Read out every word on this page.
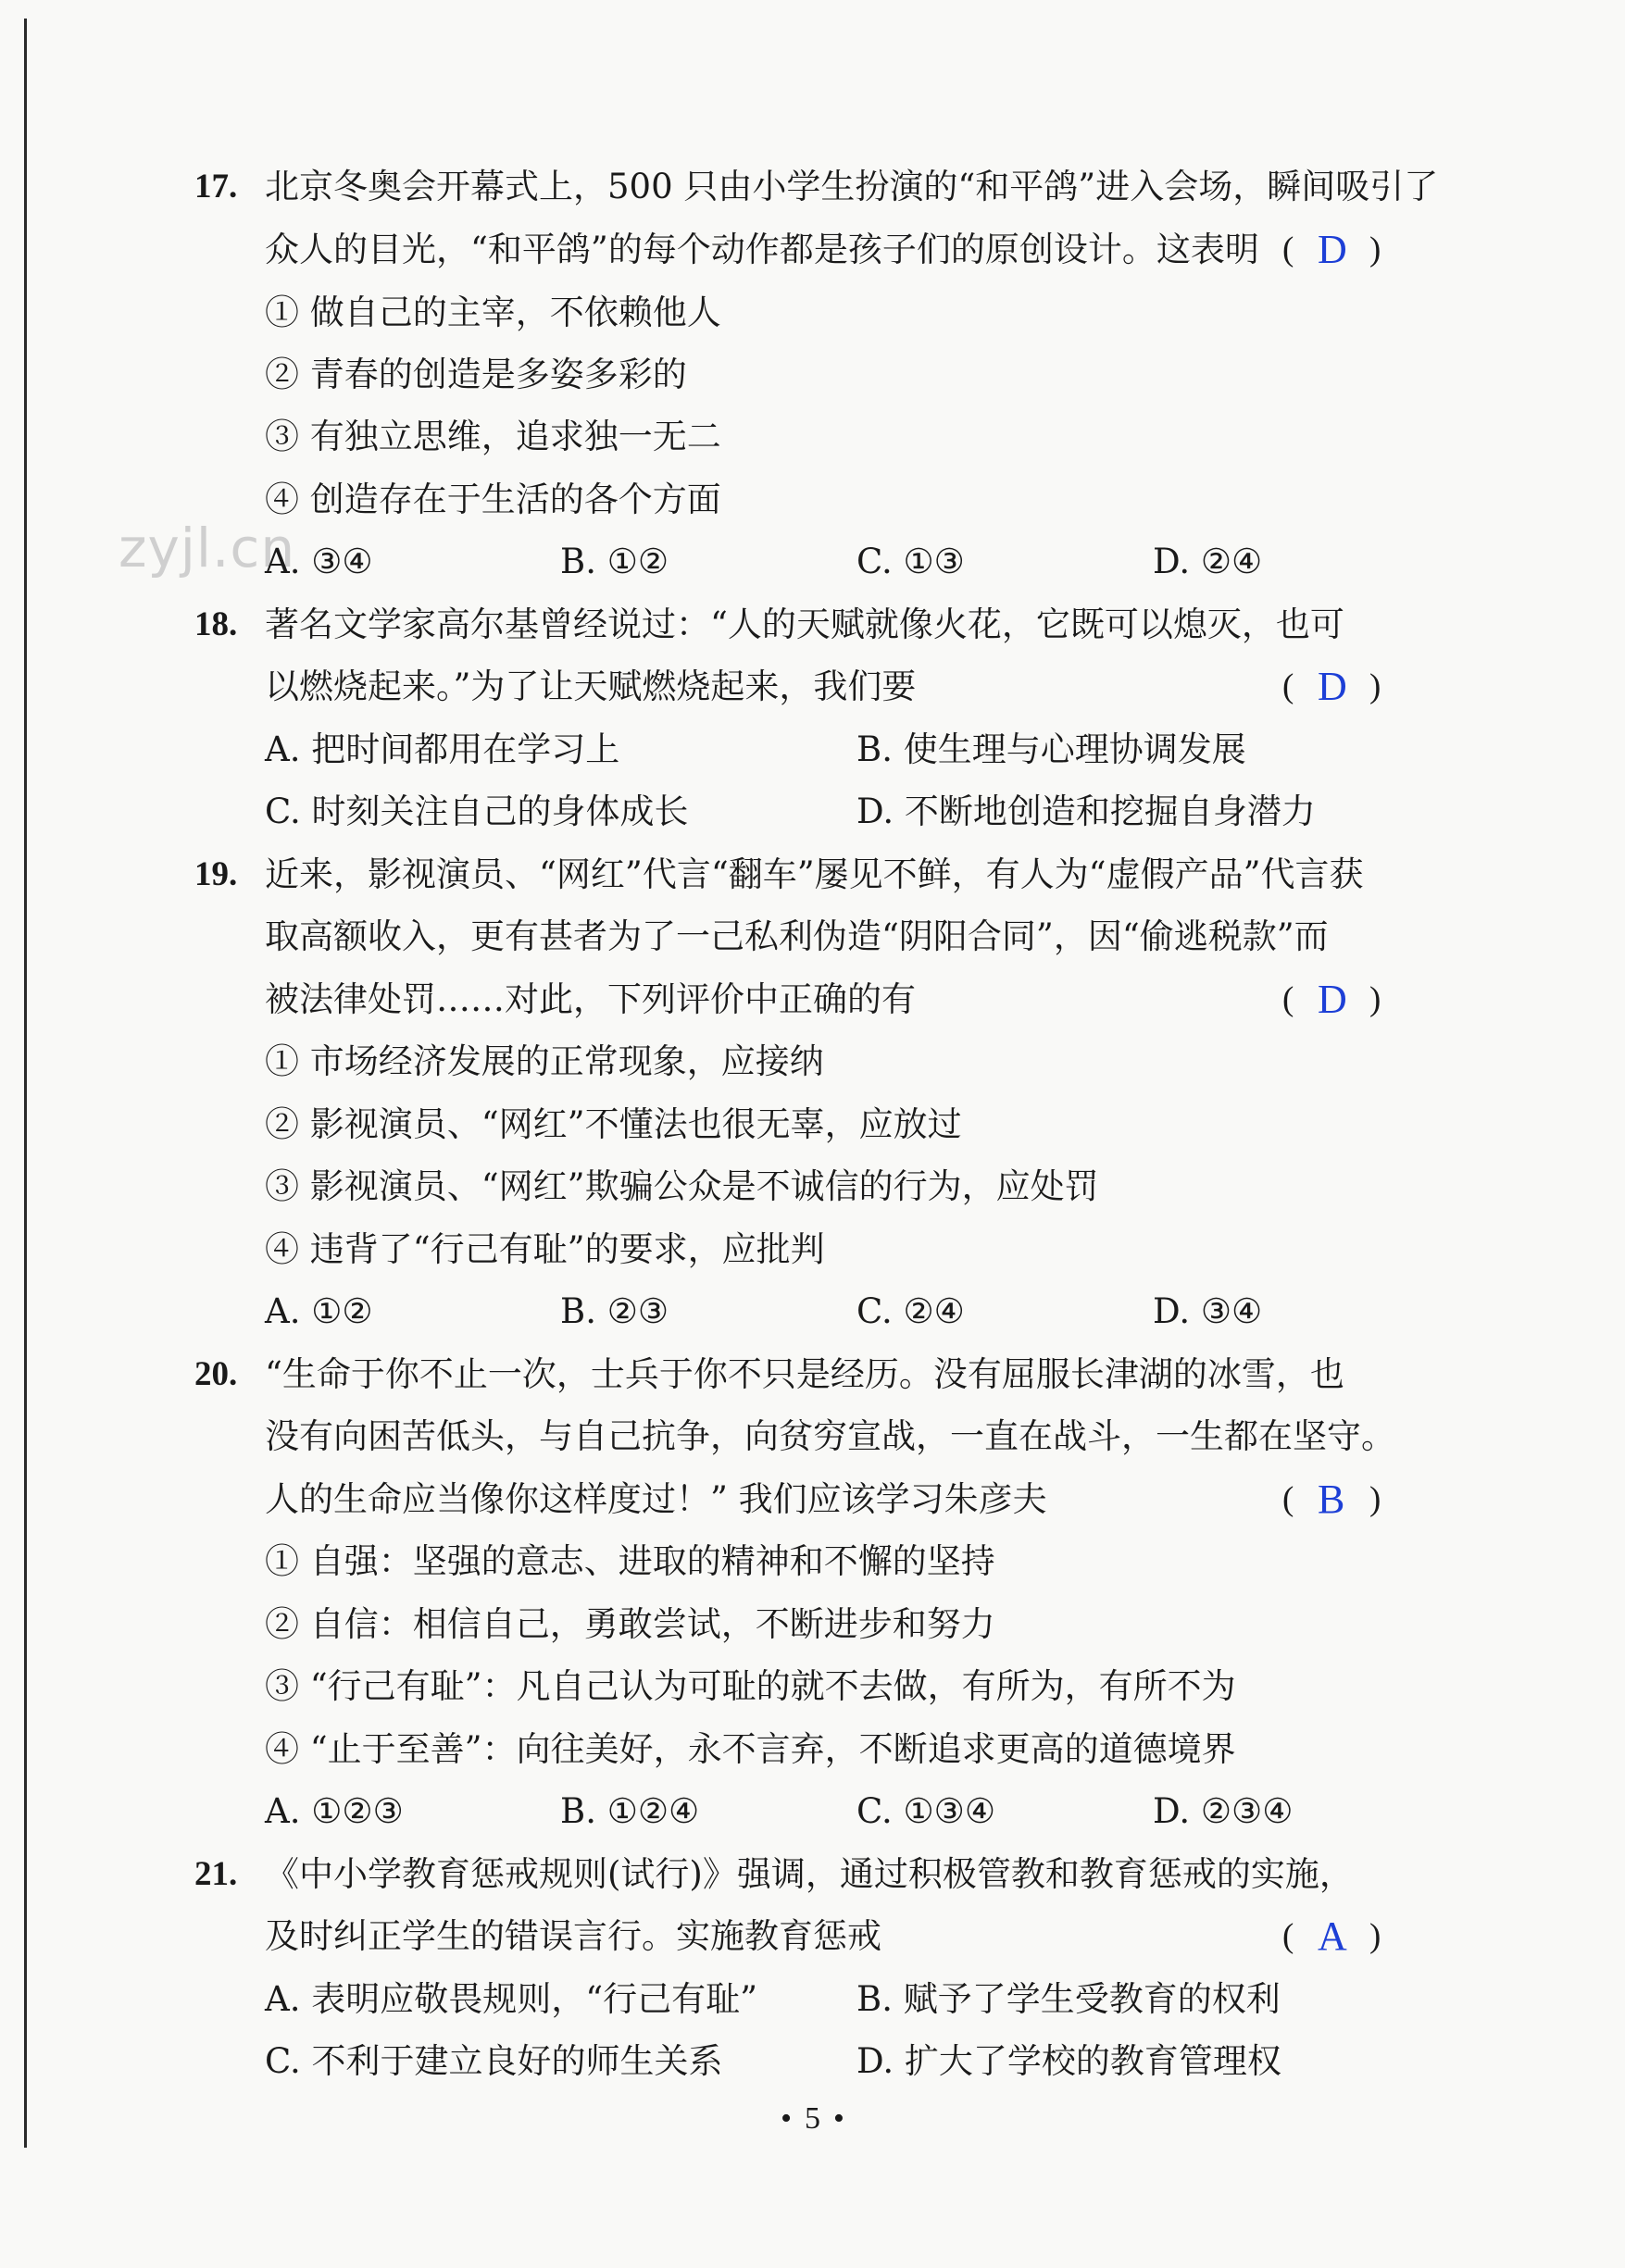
zyjl.cn
17. 北京冬奥会开幕式上，500 只由小学生扮演的“和平鸽”进入会场，瞬间吸引了
众人的目光，“和平鸽”的每个动作都是孩子们的原创设计。这表明 ( D )
① 做自己的主宰，不依赖他人
② 青春的创造是多姿多彩的
③ 有独立思维，追求独一无二
④ 创造存在于生活的各个方面
A. ③④	B. ①②	C. ①③	D. ②④
18. 著名文学家高尔基曾经说过：“人的天赋就像火花，它既可以熄灭，也可
以燃烧起来。”为了让天赋燃烧起来，我们要	( D )
A. 把时间都用在学习上	B. 使生理与心理协调发展
C. 时刻关注自己的身体成长	D. 不断地创造和挖掘自身潜力
19. 近来，影视演员、“网红”代言“翻车”屡见不鲜，有人为“虚假产品”代言获
取高额收入，更有甚者为了一己私利伪造“阴阳合同”，因“偷逃税款”而
被法律处罚……对此，下列评价中正确的有	( D )
① 市场经济发展的正常现象，应接纳
② 影视演员、“网红”不懂法也很无辜，应放过
③ 影视演员、“网红”欺骗公众是不诚信的行为，应处罚
④ 违背了“行己有耻”的要求，应批判
A. ①②	B. ②③	C. ②④	D. ③④
20. “生命于你不止一次，士兵于你不只是经历。没有屈服长津湖的冰雪，也
没有向困苦低头，与自己抗争，向贫穷宣战，一直在战斗，一生都在坚守。
人的生命应当像你这样度过！” 我们应该学习朱彦夫	( B )
① 自强：坚强的意志、进取的精神和不懈的坚持
② 自信：相信自己，勇敢尝试，不断进步和努力
③ “行己有耻”：凡自己认为可耻的就不去做，有所为，有所不为
④ “止于至善”：向往美好，永不言弃，不断追求更高的道德境界
A. ①②③	B. ①②④	C. ①③④	D. ②③④
21. 《中小学教育惩戒规则(试行)》强调，通过积极管教和教育惩戒的实施，
及时纠正学生的错误言行。实施教育惩戒	( A )
A. 表明应敬畏规则，“行己有耻”	B. 赋予了学生受教育的权利
C. 不利于建立良好的师生关系	D. 扩大了学校的教育管理权
• 5 •
